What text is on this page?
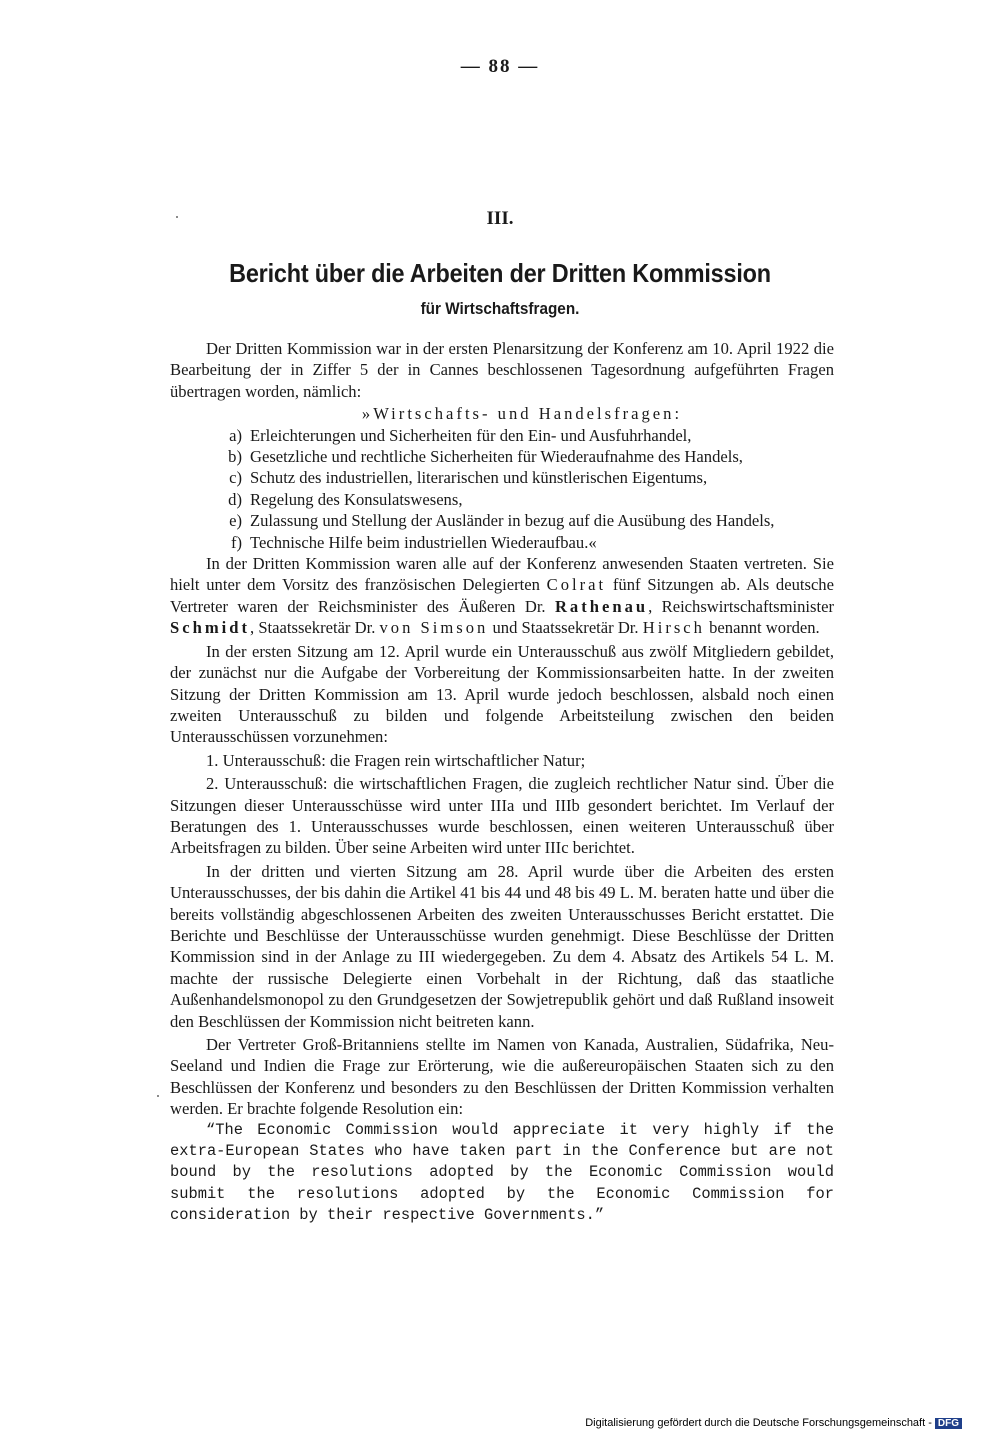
— 88 —
III.
Bericht über die Arbeiten der Dritten Kommission
für Wirtschaftsfragen.

Der Dritten Kommission war in der ersten Plenarsitzung der Konferenz am 10. April 1922 die Bearbeitung der in Ziffer 5 der in Cannes beschlossenen Tagesordnung aufgeführten Fragen übertragen worden, nämlich:

»Wirtschafts- und Handelsfragen:
a) Erleichterungen und Sicherheiten für den Ein- und Ausfuhrhandel,
b) Gesetzliche und rechtliche Sicherheiten für Wiederaufnahme des Handels,
c) Schutz des industriellen, literarischen und künstlerischen Eigentums,
d) Regelung des Konsulatswesens,
e) Zulassung und Stellung der Ausländer in bezug auf die Ausübung des Handels,
f) Technische Hilfe beim industriellen Wiederaufbau.«

In der Dritten Kommission waren alle auf der Konferenz anwesenden Staaten vertreten. Sie hielt unter dem Vorsitz des französischen Delegierten Colrat fünf Sitzungen ab. Als deutsche Vertreter waren der Reichsminister des Äußeren Dr. Rathenau, Reichswirtschaftsminister Schmidt, Staatssekretär Dr. von Simson und Staatssekretär Dr. Hirsch benannt worden.

In der ersten Sitzung am 12. April wurde ein Unterausschuß aus zwölf Mitgliedern gebildet, der zunächst nur die Aufgabe der Vorbereitung der Kommissionsarbeiten hatte. In der zweiten Sitzung der Dritten Kommission am 13. April wurde jedoch beschlossen, alsbald noch einen zweiten Unterausschuß zu bilden und folgende Arbeitsteilung zwischen den beiden Unterausschüssen vorzunehmen:

1. Unterausschuß: die Fragen rein wirtschaftlicher Natur;

2. Unterausschuß: die wirtschaftlichen Fragen, die zugleich rechtlicher Natur sind. Über die Sitzungen dieser Unterausschüsse wird unter IIIa und IIIb gesondert berichtet. Im Verlauf der Beratungen des 1. Unterausschusses wurde beschlossen, einen weiteren Unterausschuß über Arbeitsfragen zu bilden. Über seine Arbeiten wird unter IIIc berichtet.

In der dritten und vierten Sitzung am 28. April wurde über die Arbeiten des ersten Unterausschusses, der bis dahin die Artikel 41 bis 44 und 48 bis 49 L. M. beraten hatte und über die bereits vollständig abgeschlossenen Arbeiten des zweiten Unterausschusses Bericht erstattet. Die Berichte und Beschlüsse der Unterausschüsse wurden genehmigt. Diese Beschlüsse der Dritten Kommission sind in der Anlage zu III wiedergegeben. Zu dem 4. Absatz des Artikels 54 L. M. machte der russische Delegierte einen Vorbehalt in der Richtung, daß das staatliche Außenhandelsmonopol zu den Grundgesetzen der Sowjetrepublik gehört und daß Rußland insoweit den Beschlüssen der Kommission nicht beitreten kann.

Der Vertreter Groß-Britanniens stellte im Namen von Kanada, Australien, Südafrika, Neu-Seeland und Indien die Frage zur Erörterung, wie die außereuropäischen Staaten sich zu den Beschlüssen der Konferenz und besonders zu den Beschlüssen der Dritten Kommission verhalten werden. Er brachte folgende Resolution ein:

“The Economic Commission would appreciate it very highly if the extra-European States who have taken part in the Conference but are not bound by the resolutions adopted by the Economic Commission would submit the resolutions adopted by the Economic Commission for consideration by their respective Governments.”

Digitalisierung gefördert durch die Deutsche Forschungsgemeinschaft - DFG
